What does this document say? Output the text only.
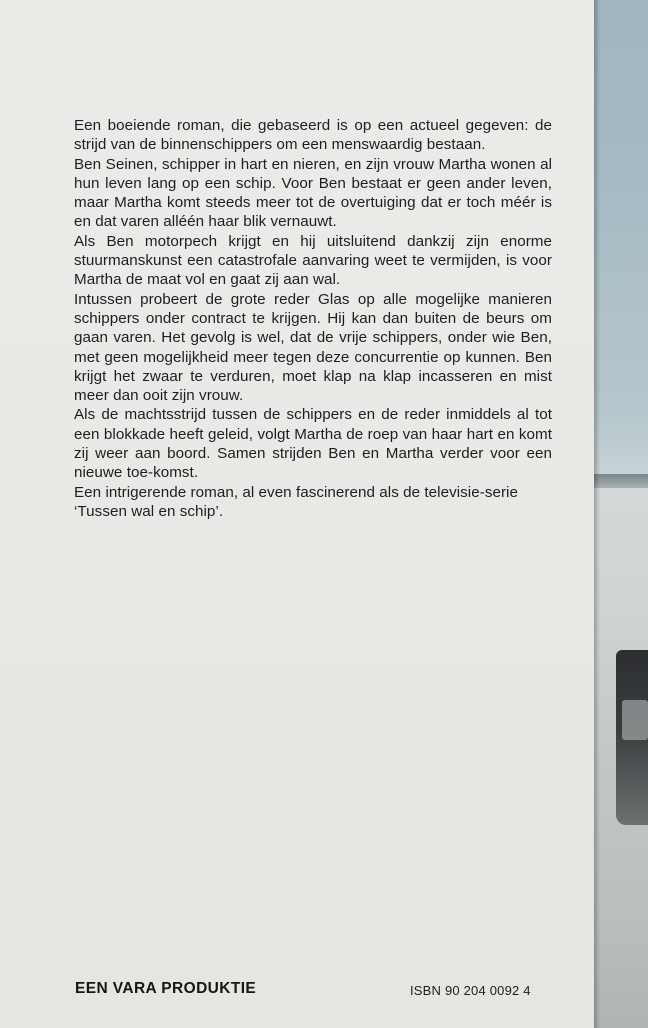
Een boeiende roman, die gebaseerd is op een actueel gegeven: de strijd van de binnenschippers om een menswaardig bestaan.

Ben Seinen, schipper in hart en nieren, en zijn vrouw Martha wonen al hun leven lang op een schip. Voor Ben bestaat er geen ander leven, maar Martha komt steeds meer tot de overtuiging dat er toch méér is en dat varen alléén haar blik vernauwt.

Als Ben motorpech krijgt en hij uitsluitend dankzij zijn enorme stuurmanskunst een catastrofale aanvaring weet te vermijden, is voor Martha de maat vol en gaat zij aan wal.

Intussen probeert de grote reder Glas op alle mogelijke manieren schippers onder contract te krijgen. Hij kan dan buiten de beurs om gaan varen. Het gevolg is wel, dat de vrije schippers, onder wie Ben, met geen mogelijkheid meer tegen deze concurrentie op kunnen. Ben krijgt het zwaar te verduren, moet klap na klap incasseren en mist meer dan ooit zijn vrouw.

Als de machtsstrijd tussen de schippers en de reder inmiddels al tot een blokkade heeft geleid, volgt Martha de roep van haar hart en komt zij weer aan boord. Samen strijden Ben en Martha verder voor een nieuwe toe-komst.

Een intrigerende roman, al even fascinerend als de televisie-serie ‘Tussen wal en schip’.

EEN VARA PRODUKTIE	ISBN 90 204 0092 4
